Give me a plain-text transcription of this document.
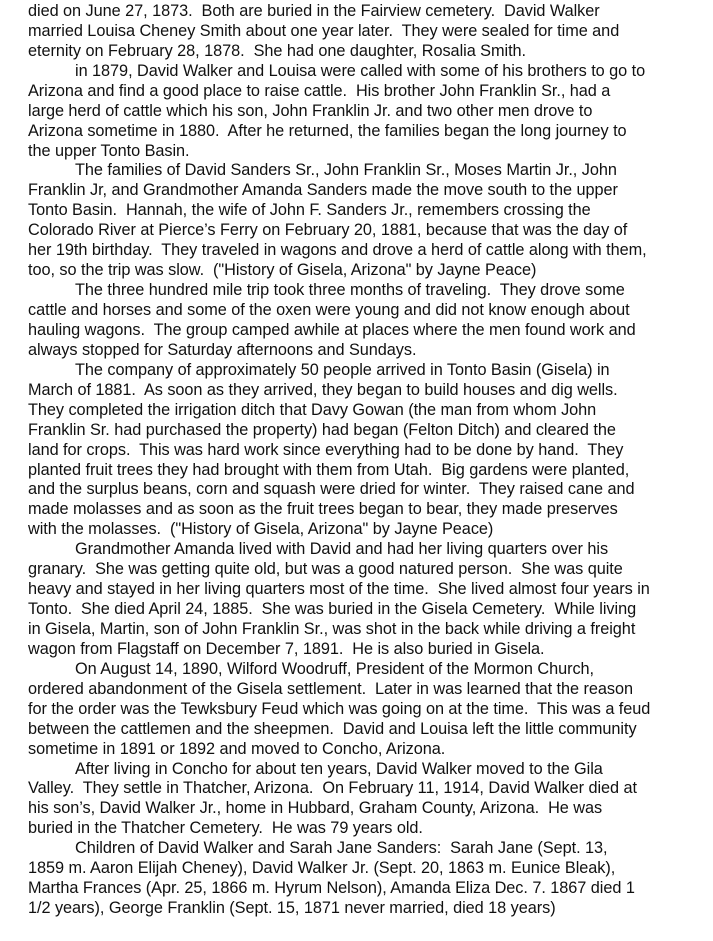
died on June 27, 1873.  Both are buried in the Fairview cemetery.  David Walker
married Louisa Cheney Smith about one year later.  They were sealed for time and
eternity on February 28, 1878.  She had one daughter, Rosalia Smith.
in 1879, David Walker and Louisa were called with some of his brothers to go to
Arizona and find a good place to raise cattle.  His brother John Franklin Sr., had a
large herd of cattle which his son, John Franklin Jr. and two other men drove to
Arizona sometime in 1880.  After he returned, the families began the long journey to
the upper Tonto Basin.
The families of David Sanders Sr., John Franklin Sr., Moses Martin Jr., John
Franklin Jr, and Grandmother Amanda Sanders made the move south to the upper
Tonto Basin.  Hannah, the wife of John F. Sanders Jr., remembers crossing the
Colorado River at Pierce’s Ferry on February 20, 1881, because that was the day of
her 19th birthday.  They traveled in wagons and drove a herd of cattle along with them,
too, so the trip was slow.  ("History of Gisela, Arizona" by Jayne Peace)
The three hundred mile trip took three months of traveling.  They drove some
cattle and horses and some of the oxen were young and did not know enough about
hauling wagons.  The group camped awhile at places where the men found work and
always stopped for Saturday afternoons and Sundays.
The company of approximately 50 people arrived in Tonto Basin (Gisela) in
March of 1881.  As soon as they arrived, they began to build houses and dig wells.
They completed the irrigation ditch that Davy Gowan (the man from whom John
Franklin Sr. had purchased the property) had began (Felton Ditch) and cleared the
land for crops.  This was hard work since everything had to be done by hand.  They
planted fruit trees they had brought with them from Utah.  Big gardens were planted,
and the surplus beans, corn and squash were dried for winter.  They raised cane and
made molasses and as soon as the fruit trees began to bear, they made preserves
with the molasses.  ("History of Gisela, Arizona" by Jayne Peace)
Grandmother Amanda lived with David and had her living quarters over his
granary.  She was getting quite old, but was a good natured person.  She was quite
heavy and stayed in her living quarters most of the time.  She lived almost four years in
Tonto.  She died April 24, 1885.  She was buried in the Gisela Cemetery.  While living
in Gisela, Martin, son of John Franklin Sr., was shot in the back while driving a freight
wagon from Flagstaff on December 7, 1891.  He is also buried in Gisela.
On August 14, 1890, Wilford Woodruff, President of the Mormon Church,
ordered abandonment of the Gisela settlement.  Later in was learned that the reason
for the order was the Tewksbury Feud which was going on at the time.  This was a feud
between the cattlemen and the sheepmen.  David and Louisa left the little community
sometime in 1891 or 1892 and moved to Concho, Arizona.
After living in Concho for about ten years, David Walker moved to the Gila
Valley.  They settle in Thatcher, Arizona.  On February 11, 1914, David Walker died at
his son’s, David Walker Jr., home in Hubbard, Graham County, Arizona.  He was
buried in the Thatcher Cemetery.  He was 79 years old.
Children of David Walker and Sarah Jane Sanders:  Sarah Jane (Sept. 13,
1859 m. Aaron Elijah Cheney), David Walker Jr. (Sept. 20, 1863 m. Eunice Bleak),
Martha Frances (Apr. 25, 1866 m. Hyrum Nelson), Amanda Eliza Dec. 7. 1867 died 1
1/2 years), George Franklin (Sept. 15, 1871 never married, died 18 years)
